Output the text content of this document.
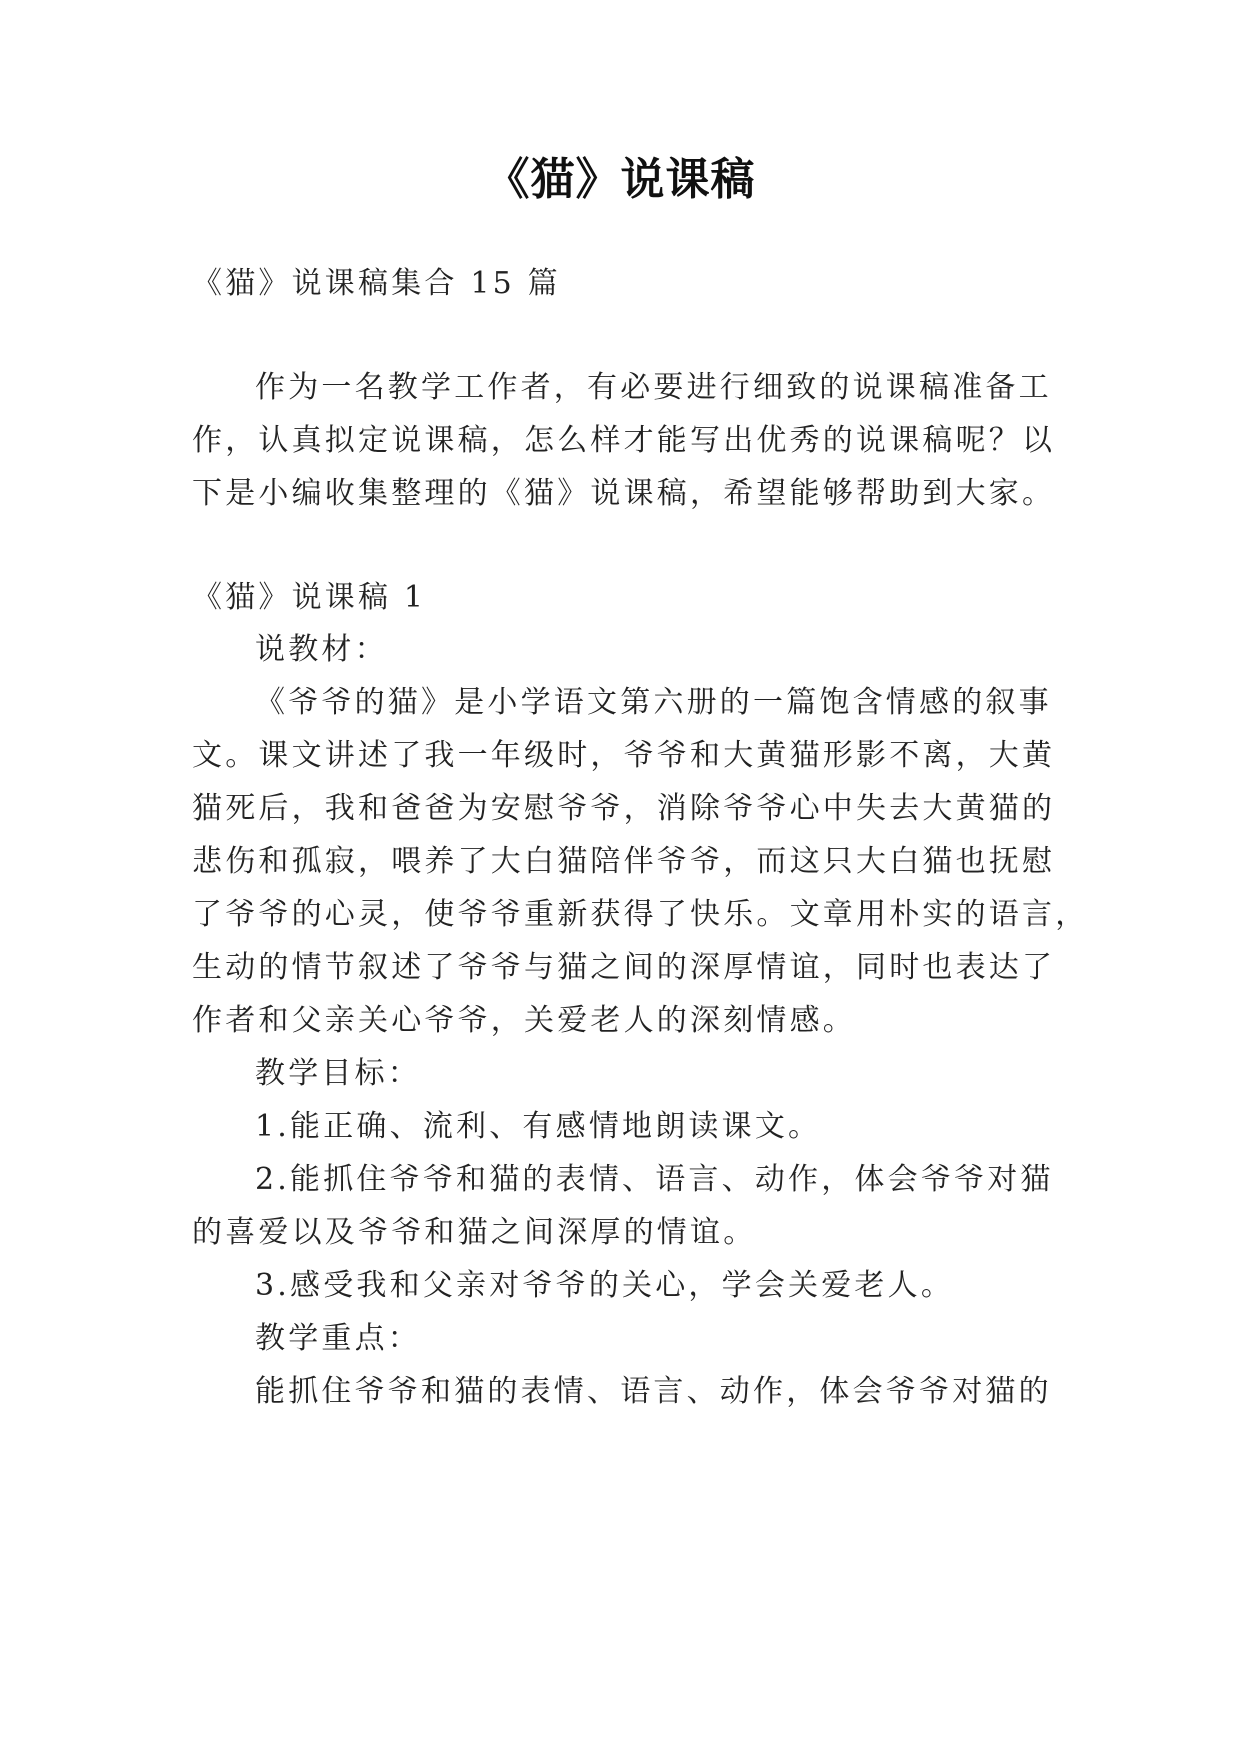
《猫》说课稿
《猫》说课稿集合 15 篇
作为一名教学工作者，有必要进行细致的说课稿准备工
作，认真拟定说课稿，怎么样才能写出优秀的说课稿呢？以
下是小编收集整理的《猫》说课稿，希望能够帮助到大家。
《猫》说课稿 1
说教材：
《爷爷的猫》是小学语文第六册的一篇饱含情感的叙事
文。课文讲述了我一年级时，爷爷和大黄猫形影不离，大黄
猫死后，我和爸爸为安慰爷爷，消除爷爷心中失去大黄猫的
悲伤和孤寂，喂养了大白猫陪伴爷爷，而这只大白猫也抚慰
了爷爷的心灵，使爷爷重新获得了快乐。文章用朴实的语言，
生动的情节叙述了爷爷与猫之间的深厚情谊，同时也表达了
作者和父亲关心爷爷，关爱老人的深刻情感。
教学目标：
1.能正确、流利、有感情地朗读课文。
2.能抓住爷爷和猫的表情、语言、动作，体会爷爷对猫
的喜爱以及爷爷和猫之间深厚的情谊。
3.感受我和父亲对爷爷的关心，学会关爱老人。
教学重点：
能抓住爷爷和猫的表情、语言、动作，体会爷爷对猫的
